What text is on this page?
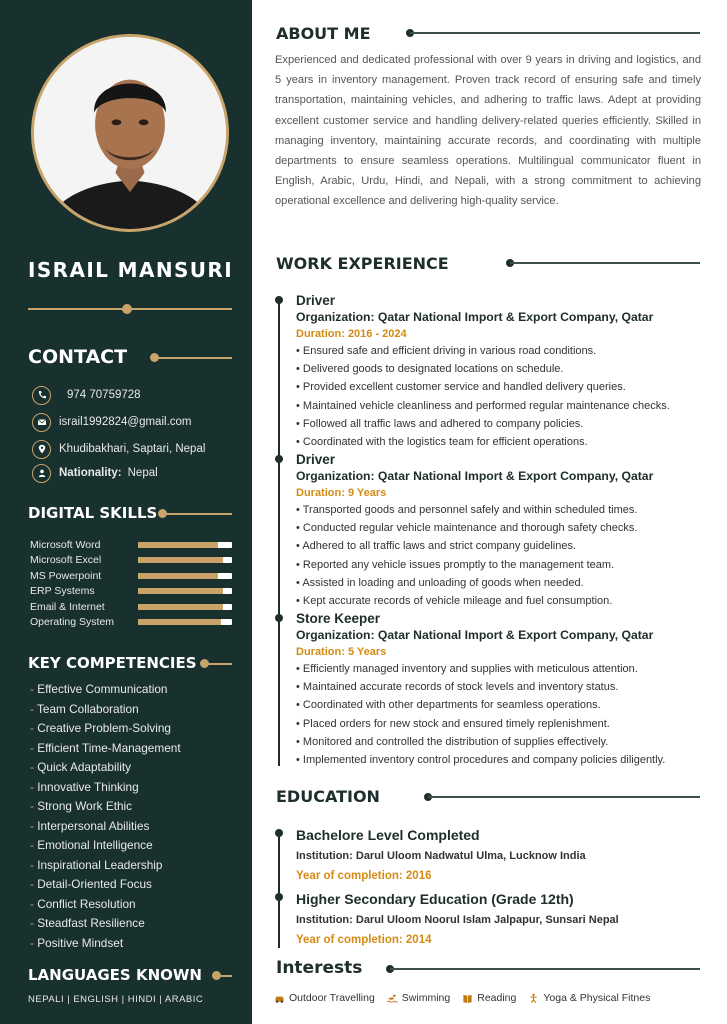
ISRAIL MANSURI
CONTACT
974 70759728
israil1992824@gmail.com
Khudibakhari, Saptari, Nepal
Nationality: Nepal
DIGITAL SKILLS
Microsoft Word
Microsoft Excel
MS Powerpoint
ERP Systems
Email & Internet
Operating System
KEY COMPETENCIES
- Effective Communication
- Team Collaboration
- Creative Problem-Solving
- Efficient Time-Management
- Quick Adaptability
- Innovative Thinking
- Strong Work Ethic
- Interpersonal Abilities
- Emotional Intelligence
- Inspirational Leadership
- Detail-Oriented Focus
- Conflict Resolution
- Steadfast Resilience
- Positive Mindset
LANGUAGES KNOWN
NEPALI | ENGLISH | HINDI | ARABIC
ABOUT ME
Experienced and dedicated professional with over 9 years in driving and logistics, and 5 years in inventory management. Proven track record of ensuring safe and timely transportation, maintaining vehicles, and adhering to traffic laws. Adept at providing excellent customer service and handling delivery-related queries efficiently. Skilled in managing inventory, maintaining accurate records, and coordinating with multiple departments to ensure seamless operations. Multilingual communicator fluent in English, Arabic, Urdu, Hindi, and Nepali, with a strong commitment to achieving operational excellence and delivering high-quality service.
WORK EXPERIENCE
Driver
Organization: Qatar National Import & Export Company, Qatar
Duration: 2016 - 2024
• Ensured safe and efficient driving in various road conditions.
• Delivered goods to designated locations on schedule.
• Provided excellent customer service and handled delivery queries.
• Maintained vehicle cleanliness and performed regular maintenance checks.
• Followed all traffic laws and adhered to company policies.
• Coordinated with the logistics team for efficient operations.
Driver
Organization: Qatar National Import & Export Company, Qatar
Duration: 9 Years
• Transported goods and personnel safely and within scheduled times.
• Conducted regular vehicle maintenance and thorough safety checks.
• Adhered to all traffic laws and strict company guidelines.
• Reported any vehicle issues promptly to the management team.
• Assisted in loading and unloading of goods when needed.
• Kept accurate records of vehicle mileage and fuel consumption.
Store Keeper
Organization: Qatar National Import & Export Company, Qatar
Duration: 5 Years
• Efficiently managed inventory and supplies with meticulous attention.
• Maintained accurate records of stock levels and inventory status.
• Coordinated with other departments for seamless operations.
• Placed orders for new stock and ensured timely replenishment.
• Monitored and controlled the distribution of supplies effectively.
• Implemented inventory control procedures and company policies diligently.
EDUCATION
Bachelore Level Completed
Institution: Darul Uloom Nadwatul Ulma, Lucknow India
Year of completion: 2016
Higher Secondary Education (Grade 12th)
Institution: Darul Uloom Noorul Islam Jalpapur, Sunsari Nepal
Year of completion: 2014
Interests
Outdoor Travelling	Swimming	Reading	Yoga & Physical Fitnes
